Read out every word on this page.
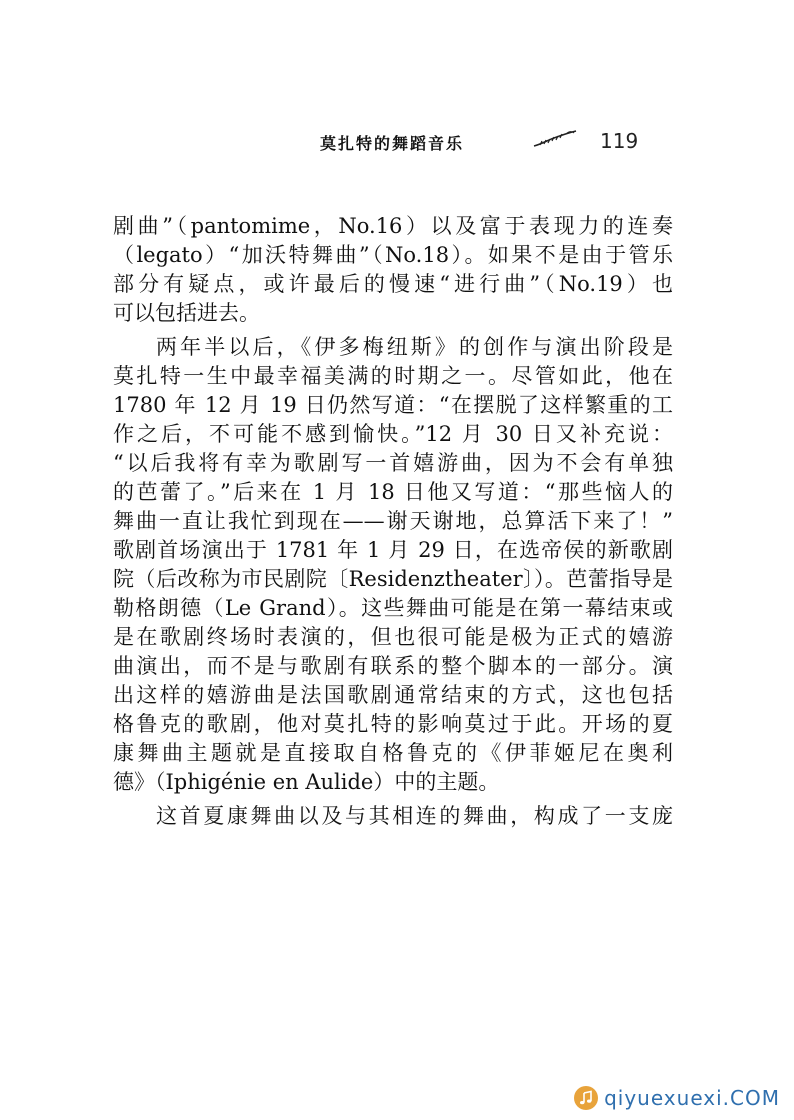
莫扎特的舞蹈音乐	119
剧曲”（pantomime，No.16）以及富于表现力的连奏
（legato）“加沃特舞曲”（No.18）。如果不是由于管乐
部分有疑点，或许最后的慢速“进行曲”（No.19）也
可以包括进去。
两年半以后，《伊多梅纽斯》的创作与演出阶段是
莫扎特一生中最幸福美满的时期之一。尽管如此，他在
1780 年 12 月 19 日仍然写道：“在摆脱了这样繁重的工
作之后，不可能不感到愉快。”12 月 30 日又补充说：
“以后我将有幸为歌剧写一首嬉游曲，因为不会有单独
的芭蕾了。”后来在 1 月 18 日他又写道：“那些恼人的
舞曲一直让我忙到现在——谢天谢地，总算活下来了！”
歌剧首场演出于 1781 年 1 月 29 日，在选帝侯的新歌剧
院（后改称为市民剧院〔Residenztheater〕）。芭蕾指导是
勒格朗德（Le Grand）。这些舞曲可能是在第一幕结束或
是在歌剧终场时表演的，但也很可能是极为正式的嬉游
曲演出，而不是与歌剧有联系的整个脚本的一部分。演
出这样的嬉游曲是法国歌剧通常结束的方式，这也包括
格鲁克的歌剧，他对莫扎特的影响莫过于此。开场的夏
康舞曲主题就是直接取自格鲁克的《伊菲姬尼在奥利
德》（Iphigénie en Aulide）中的主题。
这首夏康舞曲以及与其相连的舞曲，构成了一支庞
qiyuexuexi.COM
